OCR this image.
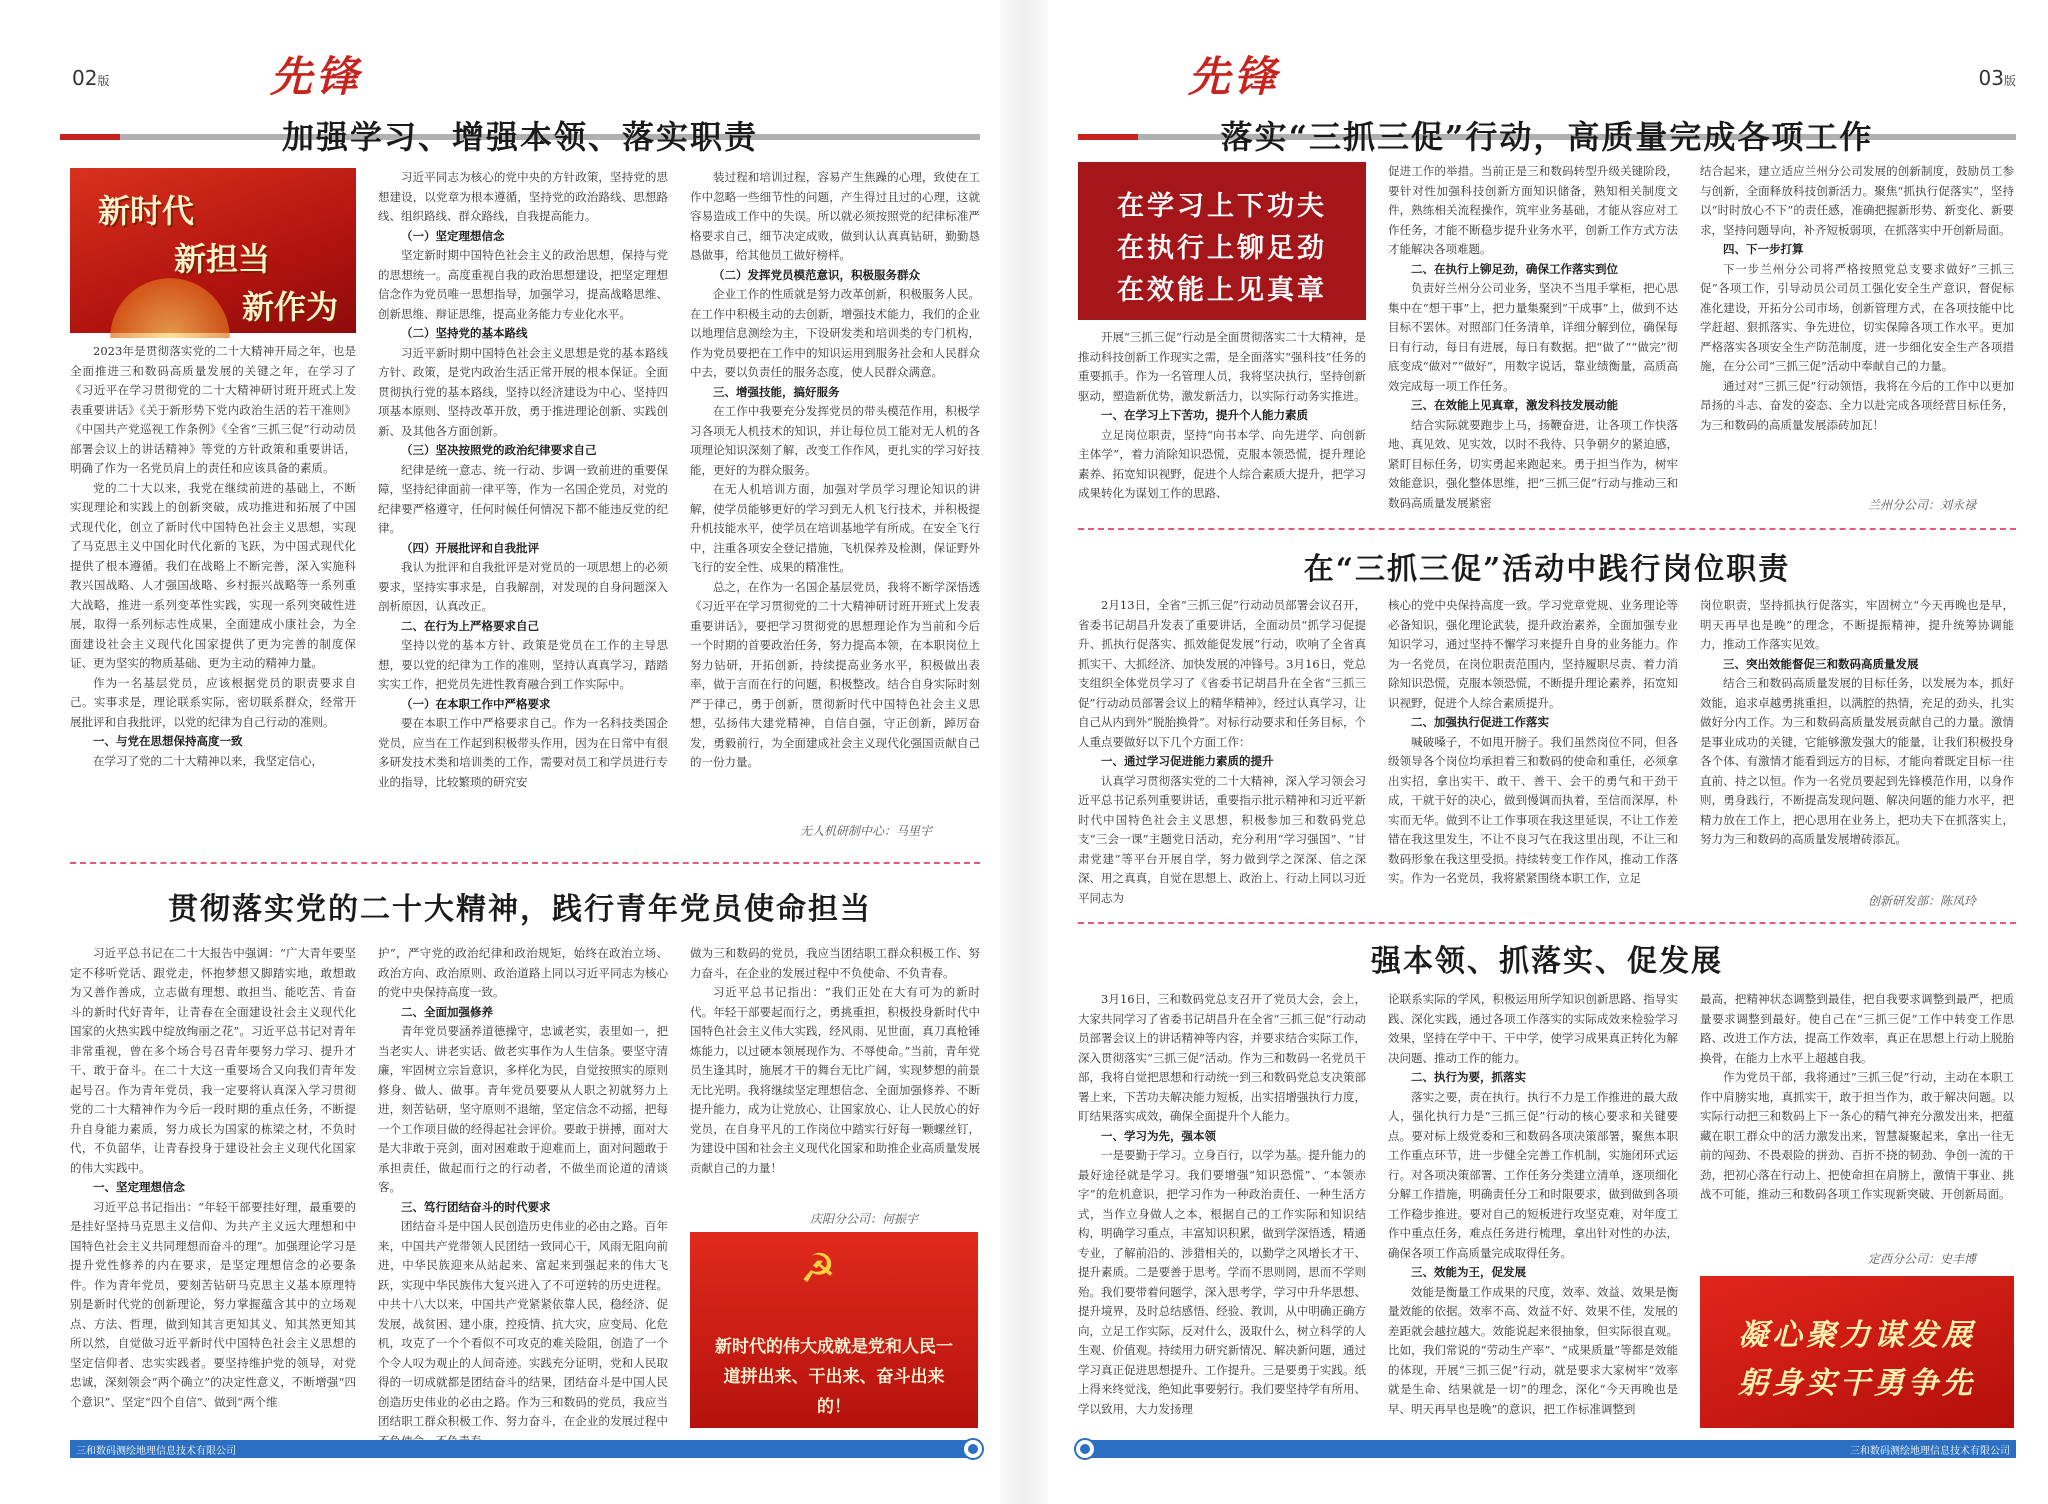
02版	先锋
加强学习、增强本领、落实职责
新时代
新担当
新作为

2023年是贯彻落实党的二十大精神开局之年，也是全面推进三和数码高质量发展的关键之年，在学习了《习近平在学习贯彻党的二十大精神研讨班开班式上发表重要讲话》《关于新形势下党内政治生活的若干准则》《中国共产党巡视工作条例》《全省“三抓三促”行动动员部署会议上的讲话精神》等党的方针政策和重要讲话，明确了作为一名党员肩上的责任和应该具备的素质。

党的二十大以来，我党在继续前进的基础上，不断实现理论和实践上的创新突破，成功推进和拓展了中国式现代化，创立了新时代中国特色社会主义思想，实现了马克思主义中国化时代化新的飞跃，为中国式现代化提供了根本遵循。我们在战略上不断完善，深入实施科教兴国战略、人才强国战略、乡村振兴战略等一系列重大战略，推进一系列变革性实践，实现一系列突破性进展，取得一系列标志性成果，全面建成小康社会，为全面建设社会主义现代化国家提供了更为完善的制度保证、更为坚实的物质基础、更为主动的精神力量。

作为一名基层党员，应该根据党员的职责要求自己。实事求是，理论联系实际，密切联系群众，经常开展批评和自我批评，以党的纪律为自己行动的准则。

一、与党在思想保持高度一致

在学习了党的二十大精神以来，我坚定信心，

习近平同志为核心的党中央的方针政策，坚持党的思想建设，以党章为根本遵循，坚持党的政治路线、思想路线、组织路线、群众路线，自我提高能力。

（一）坚定理想信念

坚定新时期中国特色社会主义的政治思想，保持与党的思想统一。高度重视自我的政治思想建设，把坚定理想信念作为党员唯一思想指导，加强学习，提高战略思维、创新思维、辩证思维，提高业务能力专业化水平。

（二）坚持党的基本路线

习近平新时期中国特色社会主义思想是党的基本路线方针、政策，是党内政治生活正常开展的根本保证。全面贯彻执行党的基本路线，坚持以经济建设为中心、坚持四项基本原则、坚持改革开放，勇于推进理论创新、实践创新、及其他各方面创新。

（三）坚决按照党的政治纪律要求自己

纪律是统一意志、统一行动、步调一致前进的重要保障，坚持纪律面前一律平等，作为一名国企党员，对党的纪律要严格遵守，任何时候任何情况下都不能违反党的纪律。

（四）开展批评和自我批评

我认为批评和自我批评是对党员的一项思想上的必须要求，坚持实事求是，自我解剖，对发现的自身问题深入剖析原因，认真改正。

二、在行为上严格要求自己

坚持以党的基本方针、政策是党员在工作的主导思想，要以党的纪律为工作的准则，坚持认真真学习，踏踏实实工作，把党员先进性教育融合到工作实际中。

（一）在本职工作中严格要求

要在本职工作中严格要求自己。作为一名科技类国企党员，应当在工作起到积极带头作用，因为在日常中有很多研发技术类和培训类的工作，需要对员工和学员进行专业的指导，比较繁琐的研究安

装过程和培训过程，容易产生焦躁的心理，致使在工作中忽略一些细节性的问题，产生得过且过的心理，这就容易造成工作中的失误。所以就必须按照党的纪律标准严格要求自己，细节决定成败，做到认认真真钻研，勤勤恳恳做事，给其他员工做好榜样。

（二）发挥党员模范意识，积极服务群众

企业工作的性质就是努力改革创新，积极服务人民。在工作中积极主动的去创新，增强技术能力，我们的企业以地理信息测绘为主，下设研发类和培训类的专门机构，作为党员要把在工作中的知识运用到服务社会和人民群众中去，要以负责任的服务态度，使人民群众满意。

三、增强技能，搞好服务

在工作中我要充分发挥党员的带头模范作用，积极学习各项无人机技术的知识，并让每位员工能对无人机的各项理论知识深刻了解，改变工作作风，更扎实的学习好技能，更好的为群众服务。

在无人机培训方面，加强对学员学习理论知识的讲解，使学员能够更好的学习到无人机飞行技术，并积极提升机技能水平，使学员在培训基地学有所成。在安全飞行中，注重各项安全登记措施，飞机保养及检测，保证野外飞行的安全性、成果的精准性。

总之，在作为一名国企基层党员，我将不断学深悟透《习近平在学习贯彻党的二十大精神研讨班开班式上发表重要讲话》，要把学习贯彻党的思想理论作为当前和今后一个时期的首要政治任务，努力提高本领，在本职岗位上努力钻研，开拓创新，持续提高业务水平，积极做出表率，做于言而在行的问题，积极整改。结合自身实际时刻严于律己，勇于创新，贯彻新时代中国特色社会主义思想，弘扬伟大建党精神，自信自强，守正创新，踔厉奋发，勇毅前行，为全面建成社会主义现代化强国贡献自己的一份力量。

无人机研制中心：马里宇
贯彻落实党的二十大精神，践行青年党员使命担当

习近平总书记在二十大报告中强调：“广大青年要坚定不移听党话、跟党走，怀抱梦想又脚踏实地，敢想敢为又善作善成，立志做有理想、敢担当、能吃苦、肯奋斗的新时代好青年，让青春在全面建设社会主义现代化国家的火热实践中绽放绚丽之花”。习近平总书记对青年非常重视，曾在多个场合号召青年要努力学习、提升才干、敢于奋斗。在二十大这一重要场合又向我们青年发起号召。作为青年党员，我一定要将认真深入学习贯彻党的二十大精神作为今后一段时期的重点任务，不断提升自身能力素质，努力成长为国家的栋梁之材，不负时代，不负韶华，让青春投身于建设社会主义现代化国家的伟大实践中。

一、坚定理想信念

习近平总书记指出：“年轻干部要挂好理，最重要的是挂好坚持马克思主义信仰、为共产主义远大理想和中国特色社会主义共同理想而奋斗的理”。加强理论学习是提升党性修养的内在要求，是坚定理想信念的必要条件。作为青年党员，要刻苦钻研马克思主义基本原理特别是新时代党的创新理论，努力掌握蕴含其中的立场观点、方法、哲理，做到知其言更知其义、知其然更知其所以然，自觉做习近平新时代中国特色社会主义思想的坚定信仰者、忠实实践者。要坚持维护党的领导，对党忠诚，深刻领会“两个确立”的决定性意义，不断增强“四个意识”、坚定“四个自信”、做到“两个维

护”，严守党的政治纪律和政治规矩，始终在政治立场、政治方向、政治原则、政治道路上同以习近平同志为核心的党中央保持高度一致。

二、全面加强修养

青年党员要涵养道德操守，忠诚老实，表里如一，把当老实人、讲老实话、做老实事作为人生信条。要坚守清廉，牢固树立宗旨意识，多样化为民，自觉按照实的原则修身、做人、做事。青年党员要要从人职之初就努力上进，刻苦钻研，坚守原则不退缩，坚定信念不动摇，把每一个工作项目做的经得起社会评价。要敢于拼搏，面对大是大非敢于亮剑，面对困难敢于迎难而上，面对问题敢于承担责任，做起而行之的行动者，不做坐而论道的清谈客。

三、笃行团结奋斗的时代要求

团结奋斗是中国人民创造历史伟业的必由之路。百年来，中国共产党带领人民团结一致同心干，风雨无阻向前进，中华民族迎来从站起来、富起来到强起来的伟大飞跃，实现中华民族伟大复兴进入了不可逆转的历史进程。中共十八大以来，中国共产党紧紧依靠人民，稳经济、促发展，战贫困、建小康，控疫情、抗大灾，应变局、化危机，攻克了一个个看似不可攻克的难关险阻，创造了一个个令人叹为观止的人间奇迹。实践充分证明，党和人民取得的一切成就都是团结奋斗的结果，团结奋斗是中国人民创造历史伟业的必由之路。作为三和数码的党员，我应当团结职工群众积极工作、努力奋斗，在企业的发展过程中

做为三和数码的党员，我应当团结职工群众积极工作、努力奋斗，在企业的发展过程中不负使命、不负青春。

习近平总书记指出：“我们正处在大有可为的新时代。年轻干部要起而行之，勇挑重担，积极投身新时代中国特色社会主义伟大实践，经风雨、见世面，真刀真枪锤炼能力，以过硬本领展现作为、不辱使命。”当前，青年党员生逢其时，施展才干的舞台无比广阔，实现梦想的前景无比光明。我将继续坚定理想信念、全面加强修养、不断提升能力，成为让党放心、让国家放心、让人民放心的好党员，在自身平凡的工作岗位中踏实行好每一颗螺丝钉，为建设中国和社会主义现代化国家和助推企业高质量发展贡献自己的力量！

庆阳分公司：何振宇
☭
新时代的伟大成就是党和人民一道拼出来、干出来、奋斗出来的！
三和数码测绘地理信息技术有限公司
先锋	03版
落实“三抓三促”行动，高质量完成各项工作
在学习上下功夫
在执行上铆足劲
在效能上见真章

开展“三抓三促”行动是全面贯彻落实二十大精神，是推动科技创新工作现实之需，是全面落实“强科技”任务的重要抓手。作为一名管理人员，我将坚决执行，坚持创新驱动，塑造新优势，激发新活力，以实际行动务实推进。

一、在学习上下苦功，提升个人能力素质

立足岗位职责，坚持“向书本学、向先进学、向创新主体学”，着力消除知识恐慌，克服本领恐慌，提升理论素养、拓宽知识视野，促进个人综合素质大提升，把学习成果转化为谋划工作的思路、

促进工作的举措。当前正是三和数码转型升级关键阶段，要针对性加强科技创新方面知识储备，熟知相关制度文件，熟练相关流程操作，筑牢业务基础，才能从容应对工作任务，才能不断稳步提升业务水平，创新工作方式方法才能解决各项难题。

二、在执行上铆足劲，确保工作落实到位

负责好兰州分公司业务，坚决不当甩手掌柜，把心思集中在“想干事”上，把力量集聚到“干成事”上，做到不达目标不罢休。对照部门任务清单，详细分解到位，确保每日有行动，每日有进展，每日有数据。把“做了”“做完”彻底变成“做对”“做好”，用数字说话，靠业绩衡量，高质高效完成每一项工作任务。

三、在效能上见真章，激发科技发展动能

结合实际就要跑步上马，扬鞭奋进，让各项工作快落地、真见效、见实效，以时不我待、只争朝夕的紧迫感，紧盯目标任务，切实勇起来跑起来。勇于担当作为，树牢效能意识，强化整体思维，把“三抓三促”行动与推动三和数码高质量发展紧密

结合起来，建立适应兰州分公司发展的创新制度，鼓励员工参与创新，全面释放科技创新活力。聚焦“抓执行促落实”，坚持以“时时放心不下”的责任感，准确把握新形势、新变化、新要求，坚持问题导向，补齐短板弱项，在抓落实中开创新局面。

四、下一步打算

下一步兰州分公司将严格按照党总支要求做好“三抓三促”各项工作，引导动员公司员工强化安全生产意识，督促标准化建设，开拓分公司市场，创新管理方式，在各项技能中比学赶超、狠抓落实、争先进位，切实保障各项工作水平。更加严格落实各项安全生产防范制度，进一步细化安全生产各项措施，在分公司“三抓三促”活动中奉献自己的力量。

通过对“三抓三促”行动领悟，我将在今后的工作中以更加昂扬的斗志、奋发的姿态、全力以赴完成各项经营目标任务，为三和数码的高质量发展添砖加瓦！

兰州分公司：刘永禄
在“三抓三促”活动中践行岗位职责

2月13日，全省“三抓三促”行动动员部署会议召开，省委书记胡昌升发表了重要讲话，全面动员“抓学习促提升、抓执行促落实、抓效能促发展”行动，吹响了全省真抓实干、大抓经济、加快发展的冲锋号。3月16日，党总支组织全体党员学习了《省委书记胡昌升在全省“三抓三促”行动动员部署会议上的精华精神》，经过认真学习，让自己从内到外“脱胎换骨”。对标行动要求和任务目标，个人重点要做好以下几个方面工作：

一、通过学习促进能力素质的提升

认真学习贯彻落实党的二十大精神，深入学习领会习近平总书记系列重要讲话，重要指示批示精神和习近平新时代中国特色社会主义思想，积极参加三和数码党总支“三会一课”主题党日活动，充分利用“学习强国”、“甘肃党建”等平台开展自学，努力做到学之深深、信之深深、用之真真，自觉在思想上、政治上、行动上同以习近平同志为

核心的党中央保持高度一致。学习党章党规、业务理论等必备知识，强化理论武装，提升政治素养，全面加强专业知识学习，通过坚持不懈学习来提升自身的业务能力。作为一名党员，在岗位职责范围内，坚持履职尽责、着力消除知识恐慌，克服本领恐慌，不断提升理论素养，拓宽知识视野，促进个人综合素质提升。

二、加强执行促进工作落实

喊破嗓子，不如甩开膀子。我们虽然岗位不同，但各级领导各个岗位均承担着三和数码的使命和重任，必须拿出实招，拿出实干、敢干、善干、会干的勇气和干劲干成，干就干好的决心，做到慢调而执着，至信而深厚，朴实而无华。做到不让工作事项在我这里延误，不让工作差错在我这里发生，不让不良习气在我这里出现，不让三和数码形象在我这里受损。持续转变工作作风，推动工作落实。作为一名党员，我将紧紧围绕本职工作，立足

岗位职责，坚持抓执行促落实，牢固树立“今天再晚也是早，明天再早也是晚”的理念，不断提振精神，提升统筹协调能力，推动工作落实见效。

三、突出效能督促三和数码高质量发展

结合三和数码高质量发展的目标任务，以发展为本，抓好效能，追求卓越勇挑重担，以满腔的热情，充足的劲头，扎实做好分内工作。为三和数码高质量发展贡献自己的力量。激情是事业成功的关键，它能够激发强大的能量，让我们积极投身各个体、有激情才能看到远方的目标，才能向着既定目标一往直前、持之以恒。作为一名党员要起到先锋模范作用，以身作则，勇身践行，不断提高发现问题、解决问题的能力水平，把精力放在工作上，把心思用在业务上，把功夫下在抓落实上，努力为三和数码的高质量发展增砖添瓦。

创新研发部：陈凤玲
强本领、抓落实、促发展

3月16日，三和数码党总支召开了党员大会，会上，大家共同学习了省委书记胡昌升在全省“三抓三促”行动动员部署会议上的讲话精神等内容，并要求结合实际工作，深入贯彻落实“三抓三促”活动。作为三和数码一名党员干部，我将自觉把思想和行动统一到三和数码党总支决策部署上来，下苦功夫解决能力短板，出实招增强执行力度，盯结果落实成效，确保全面提升个人能力。

一、学习为先，强本领

一是要勤于学习。立身百行，以学为基。提升能力的最好途径就是学习。我们要增强“知识恐慌”、“本领赤字”的危机意识，把学习作为一种政治责任、一种生活方式，当作立身做人之本，根据自己的工作实际和知识结构，明确学习重点，丰富知识积累，做到学深悟透，精通专业，了解前沿的、涉猎相关的，以勤学之风增长才干、提升素质。二是要善于思考。学而不思则罔，思而不学则殆。我们要带着问题学，深入思考学，学习中升华思想、提升境界，及时总结感悟、经验、教训，从中明确正确方向，立足工作实际，反对什么，汲取什么，树立科学的人生观、价值观。持续用力研究新情况、解决新问题，通过学习真正促进思想提升、工作提升。三是要勇于实践。纸上得来终觉浅，绝知此事要躬行。我们要坚持学有所用、学以致用，大力发扬理

论联系实际的学风，积极运用所学知识创新思路、指导实践、深化实践，通过各项工作落实的实际成效来检验学习效果，坚持在学中干、干中学，使学习成果真正转化为解决问题、推动工作的能力。

二、执行为要，抓落实

落实之要，责在执行。执行不力是工作推进的最大敌人，强化执行力是“三抓三促”行动的核心要求和关键要点。要对标上级党委和三和数码各项决策部署，聚焦本职工作重点环节，进一步健全完善工作机制，实施闭环式运行。对各项决策部署、工作任务分类建立清单，逐项细化分解工作措施，明确责任分工和时限要求，做到做到各项工作稳步推进。要对自己的短板进行攻坚克难，对年度工作中重点任务，难点任务进行梳理，拿出针对性的办法，确保各项工作高质量完成取得任务。

三、效能为王，促发展

效能是衡量工作成果的尺度，效率、效益、效果是衡量效能的依据。效率不高、效益不好、效果不佳，发展的差距就会越拉越大。效能说起来很抽象，但实际很直观。比如，我们常说的“劳动生产率”、“成果质量”等都是效能的体现，开展“三抓三促”行动，就是要求大家树牢“效率就是生命、结果就是一切”的理念，深化“今天再晚也是早、明天再早也是晚”的意识，把工作标准调整到

最高，把精神状态调整到最佳，把自我要求调整到最严，把质量要求调整到最好。使自己在“三抓三促”工作中转变工作思路、改进工作方法，提高工作效率，真正在思想上行动上脱胎换骨，在能力上水平上超越自我。

作为党员干部，我将通过“三抓三促”行动，主动在本职工作中肩膀实地，真抓实干，敢于担当作为，敢于解决问题。以实际行动把三和数码上下一条心的精气神充分激发出来，把蕴藏在职工群众中的活力激发出来，智慧凝聚起来，拿出一往无前的闯劲、不畏艰险的拼劲、百折不挠的韧劲、争创一流的干劲，把初心落在行动上、把使命担在肩膀上，激情干事业、挑战不可能，推动三和数码各项工作实现新突破、开创新局面。

定西分公司：史丰博
凝心聚力谋发展
躬身实干勇争先
三和数码测绘地理信息技术有限公司
